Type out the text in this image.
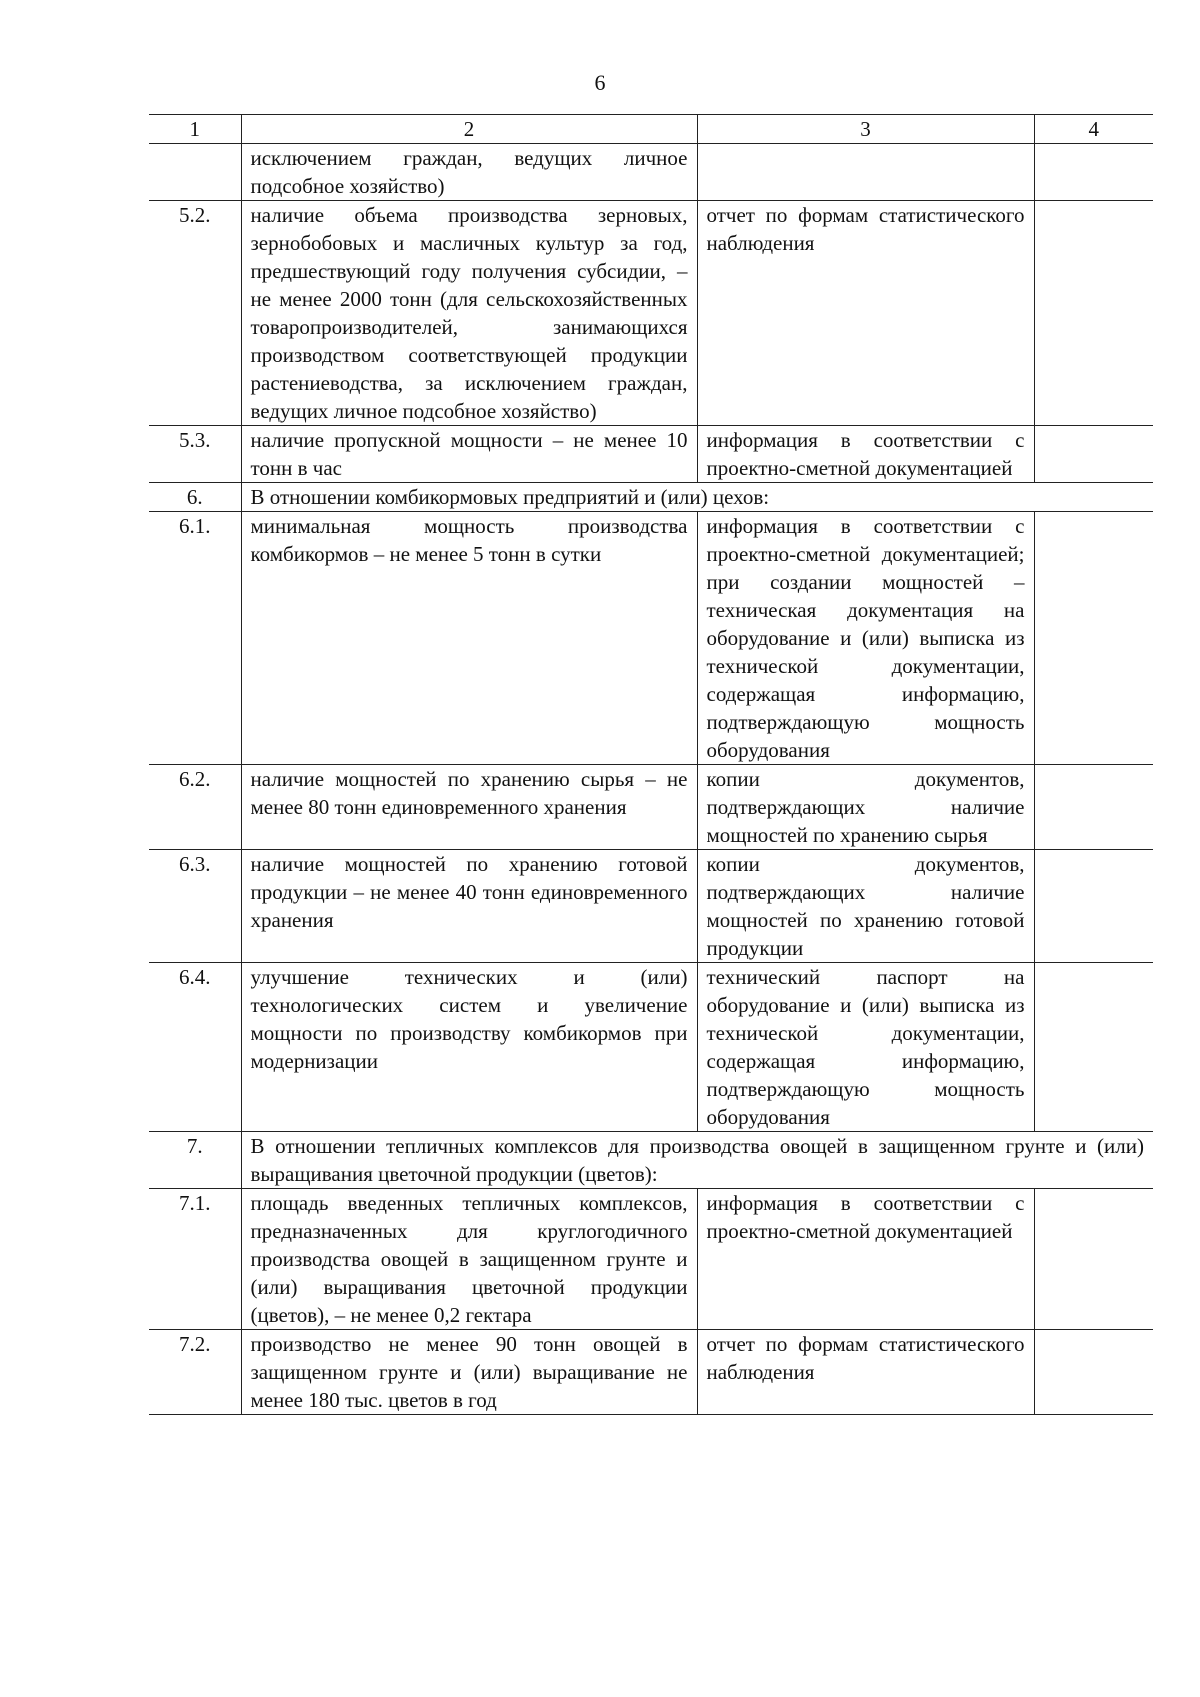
6
1	2	3	4
	исключением граждан, ведущих личное подсобное хозяйство)		
5.2.	наличие объема производства зерновых, зернобобовых и масличных культур за год, предшествующий году получения субсидии, – не менее 2000 тонн (для сельскохозяйственных товаропроизводителей, занимающихся производством соответствующей продукции растениеводства, за исключением граждан, ведущих личное подсобное хозяйство)	отчет по формам статистического наблюдения	
5.3.	наличие пропускной мощности – не менее 10 тонн в час	информация в соответствии с проектно-сметной документацией	
6.	В отношении комбикормовых предприятий и (или) цехов:		
6.1.	минимальная мощность производства комбикормов – не менее 5 тонн в сутки	информация в соответствии с проектно-сметной документацией; при создании мощностей – техническая документация на оборудование и (или) выписка из технической документации, содержащая информацию, подтверждающую мощность оборудования	
6.2.	наличие мощностей по хранению сырья – не менее 80 тонн единовременного хранения	копии документов, подтверждающих наличие мощностей по хранению сырья	
6.3.	наличие мощностей по хранению готовой продукции – не менее 40 тонн единовременного хранения	копии документов, подтверждающих наличие мощностей по хранению готовой продукции	
6.4.	улучшение технических и (или) технологических систем и увеличение мощности по производству комбикормов при модернизации	технический паспорт на оборудование и (или) выписка из технической документации, содержащая информацию, подтверждающую мощность оборудования	
7.	В отношении тепличных комплексов для производства овощей в защищенном грунте и (или) выращивания цветочной продукции (цветов):		
7.1.	площадь введенных тепличных комплексов, предназначенных для круглогодичного производства овощей в защищенном грунте и (или) выращивания цветочной продукции (цветов), – не менее 0,2 гектара	информация в соответствии с проектно-сметной документацией	
7.2.	производство не менее 90 тонн овощей в защищенном грунте и (или) выращивание не менее 180 тыс. цветов в год	отчет по формам статистического наблюдения	
